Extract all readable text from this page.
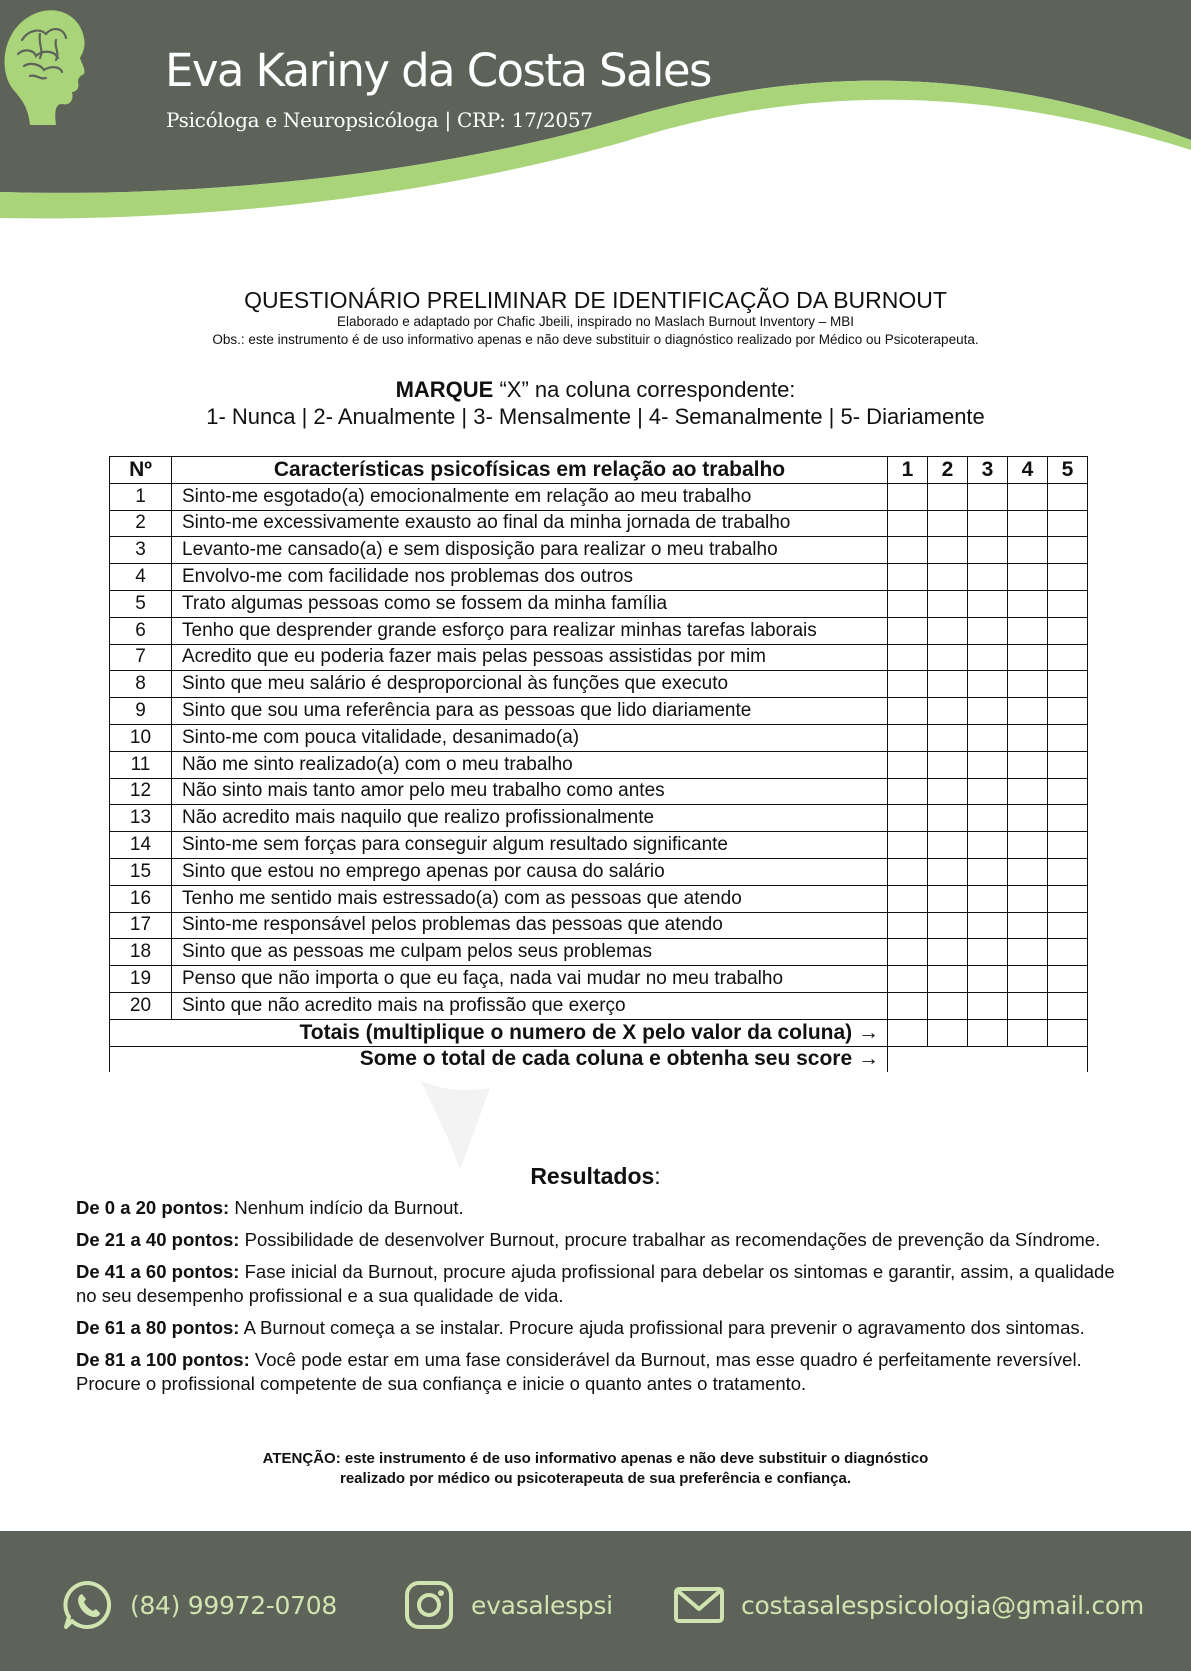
Eva Kariny da Costa Sales
Psicóloga e Neuropsicóloga | CRP: 17/2057
QUESTIONÁRIO PRELIMINAR DE IDENTIFICAÇÃO DA BURNOUT
Elaborado e adaptado por Chafic Jbeili, inspirado no Maslach Burnout Inventory – MBI
Obs.: este instrumento é de uso informativo apenas e não deve substituir o diagnóstico realizado por Médico ou Psicoterapeuta.
MARQUE “X” na coluna correspondente:
1- Nunca | 2- Anualmente | 3- Mensalmente | 4- Semanalmente | 5- Diariamente
Nº	Características psicofísicas em relação ao trabalho	1	2	3	4	5
1	Sinto-me esgotado(a) emocionalmente em relação ao meu trabalho					
2	Sinto-me excessivamente exausto ao final da minha jornada de trabalho					
3	Levanto-me cansado(a) e sem disposição para realizar o meu trabalho					
4	Envolvo-me com facilidade nos problemas dos outros					
5	Trato algumas pessoas como se fossem da minha família					
6	Tenho que desprender grande esforço para realizar minhas tarefas laborais					
7	Acredito que eu poderia fazer mais pelas pessoas assistidas por mim					
8	Sinto que meu salário é desproporcional às funções que executo					
9	Sinto que sou uma referência para as pessoas que lido diariamente					
10	Sinto-me com pouca vitalidade, desanimado(a)					
11	Não me sinto realizado(a) com o meu trabalho					
12	Não sinto mais tanto amor pelo meu trabalho como antes					
13	Não acredito mais naquilo que realizo profissionalmente					
14	Sinto-me sem forças para conseguir algum resultado significante					
15	Sinto que estou no emprego apenas por causa do salário					
16	Tenho me sentido mais estressado(a) com as pessoas que atendo					
17	Sinto-me responsável pelos problemas das pessoas que atendo					
18	Sinto que as pessoas me culpam pelos seus problemas					
19	Penso que não importa o que eu faça, nada vai mudar no meu trabalho					
20	Sinto que não acredito mais na profissão que exerço					
Totais (multiplique o numero de X pelo valor da coluna) →						
Some o total de cada coluna e obtenha seu score →						
Resultados:

De 0 a 20 pontos: Nenhum indício da Burnout.

De 21 a 40 pontos: Possibilidade de desenvolver Burnout, procure trabalhar as recomendações de prevenção da Síndrome.

De 41 a 60 pontos: Fase inicial da Burnout, procure ajuda profissional para debelar os sintomas e garantir, assim, a qualidade no seu desempenho profissional e a sua qualidade de vida.

De 61 a 80 pontos: A Burnout começa a se instalar. Procure ajuda profissional para prevenir o agravamento dos sintomas.

De 81 a 100 pontos: Você pode estar em uma fase considerável da Burnout, mas esse quadro é perfeitamente reversível. Procure o profissional competente de sua confiança e inicie o quanto antes o tratamento.

ATENÇÃO: este instrumento é de uso informativo apenas e não deve substituir o diagnóstico
realizado por médico ou psicoterapeuta de sua preferência e confiança.
(84) 99972-0708	evasalespsi	costasalespsicologia@gmail.com
